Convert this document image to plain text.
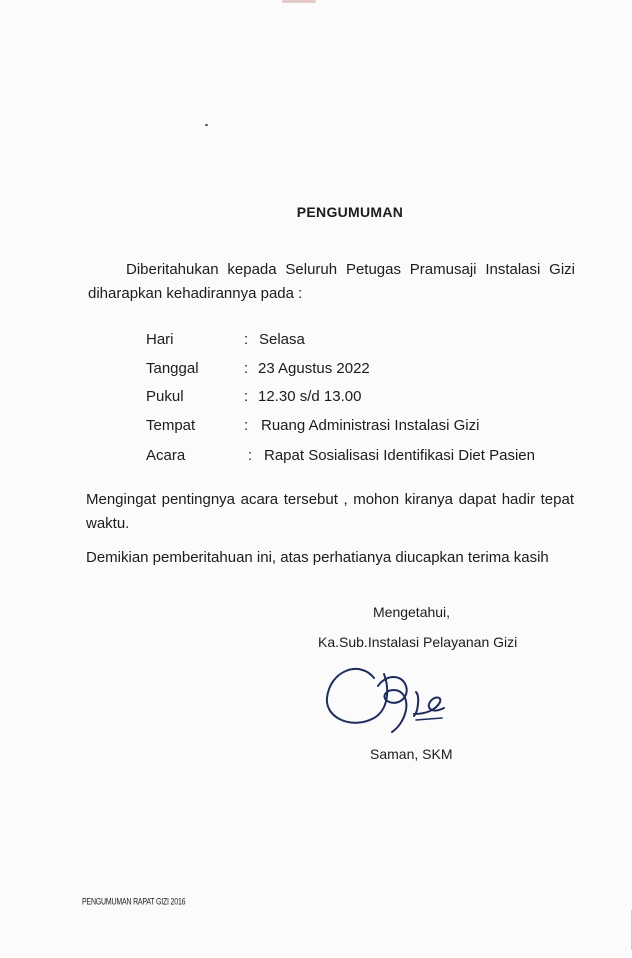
PENGUMUMAN
Diberitahukan kepada Seluruh Petugas Pramusaji Instalasi Gizi
diharapkan kehadirannya pada :
Hari	: Selasa
Tanggal	: 23 Agustus 2022
Pukul	: 12.30 s/d 13.00
Tempat	: Ruang Administrasi Instalasi Gizi
Acara	: Rapat Sosialisasi Identifikasi Diet Pasien
Mengingat pentingnya acara tersebut , mohon kiranya dapat hadir tepat
waktu.
Demikian pemberitahuan ini, atas perhatianya diucapkan terima kasih
Mengetahui,
Ka.Sub.Instalasi Pelayanan Gizi
Saman, SKM
PENGUMUMAN RAPAT GIZI 2016
